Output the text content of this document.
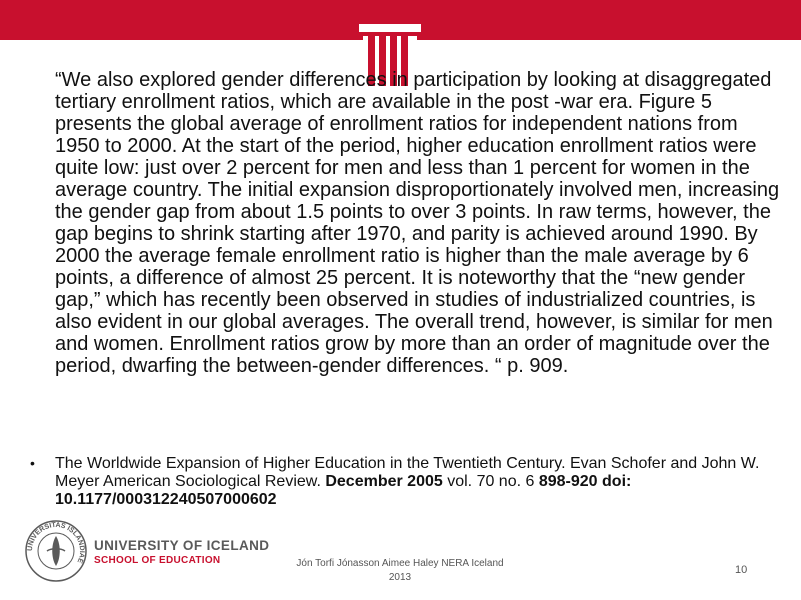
“We also explored gender differences in participation by looking at disaggregated tertiary enrollment ratios, which are available in the post -war era. Figure 5 presents the global average of enrollment ratios for independent nations from 1950 to 2000. At the start of the period, higher education enrollment ratios were quite low: just over 2 percent for men and less than 1 percent for women in the average country. The initial expansion disproportionately involved men, increasing the gender gap from about 1.5 points to over 3 points. In raw terms, however, the gap begins to shrink starting after 1970, and parity is achieved around 1990. By 2000 the average female enrollment ratio is higher than the male average by 6 points, a difference of almost 25 percent. It is noteworthy that the “new gender gap,” which has recently been observed in studies of industrialized countries, is also evident in our global averages. The overall trend, however, is similar for men and women. Enrollment ratios grow by more than an order of magnitude over the period, dwarfing the between-gender differences. “ p. 909.

• The Worldwide Expansion of Higher Education in the Twentieth Century. Evan Schofer and John W. Meyer American Sociological Review. December 2005 vol. 70 no. 6 898-920 doi: 10.1177/000312240507000602

UNIVERSITAS ISLANDIAE
UNIVERSITY OF ICELAND
SCHOOL OF EDUCATION	Jón Torfi Jónasson Aimee Haley NERA Iceland
2013
10
